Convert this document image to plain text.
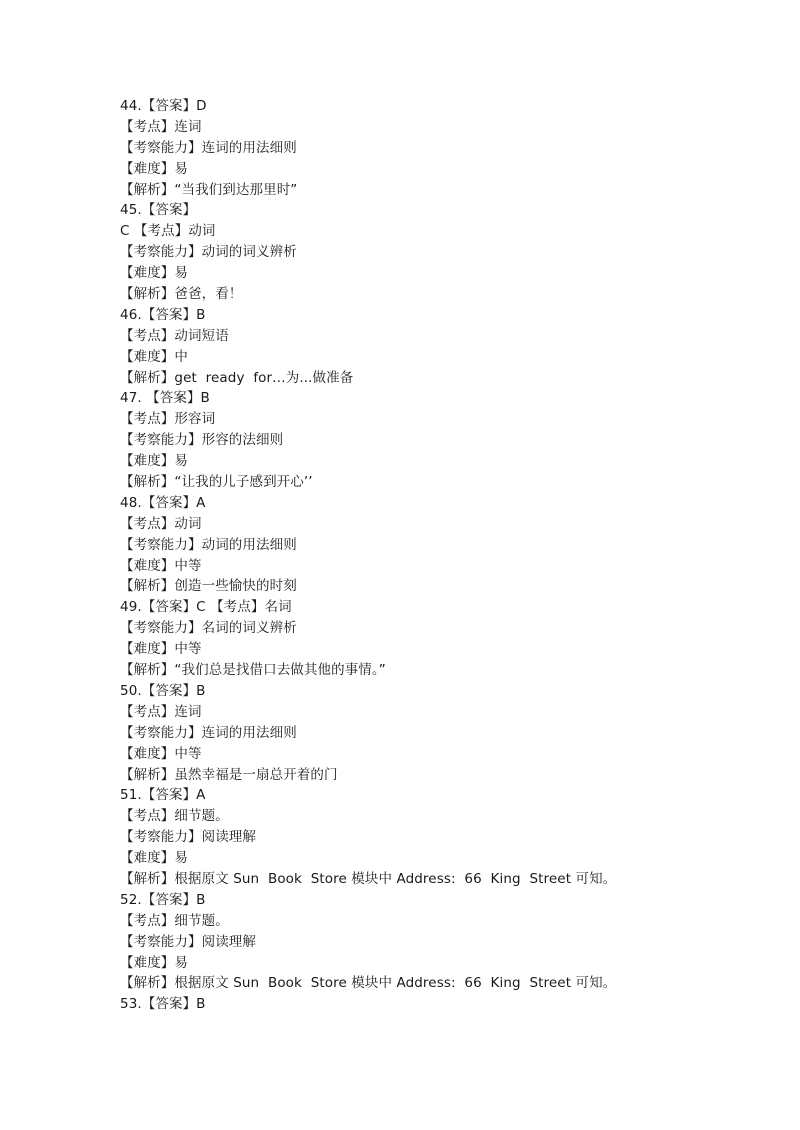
44.【答案】D
【考点】连词
【考察能力】连词的用法细则
【难度】易
【解析】“当我们到达那里时”
45.【答案】
C 【考点】动词
【考察能力】动词的词义辨析
【难度】易
【解析】爸爸，看！
46.【答案】B
【考点】动词短语
【难度】中
【解析】get  ready  for…为...做准备
47. 【答案】B
【考点】形容词
【考察能力】形容的法细则
【难度】易
【解析】“让我的儿子感到开心’’
48.【答案】A
【考点】动词
【考察能力】动词的用法细则
【难度】中等
【解析】创造一些愉快的时刻
49.【答案】C 【考点】名词
【考察能力】名词的词义辨析
【难度】中等
【解析】“我们总是找借口去做其他的事情。”
50.【答案】B
【考点】连词
【考察能力】连词的用法细则
【难度】中等
【解析】虽然幸福是一扇总开着的门
51.【答案】A
【考点】细节题。
【考察能力】阅读理解
【难度】易
【解析】根据原文 Sun  Book  Store 模块中 Address:  66  King  Street 可知。
52.【答案】B
【考点】细节题。
【考察能力】阅读理解
【难度】易
【解析】根据原文 Sun  Book  Store 模块中 Address:  66  King  Street 可知。
53.【答案】B
